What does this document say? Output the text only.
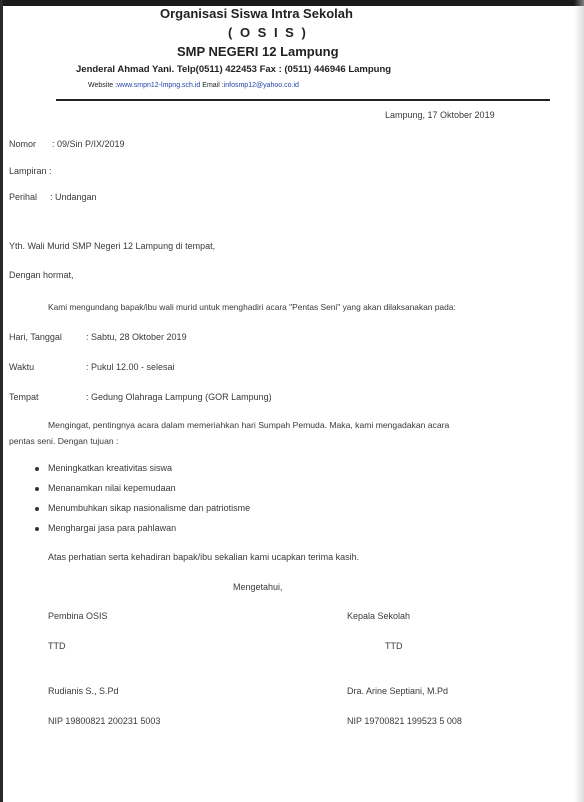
Organisasi Siswa Intra Sekolah
( O S I S )
SMP NEGERI 12 Lampung
Jenderal Ahmad Yani. Telp(0511) 422453 Fax : (0511) 446946 Lampung
Website :www.smpn12-lmpng.sch.id Email :infosmp12@yahoo.co.id
Lampung, 17 Oktober 2019
Nomor : 09/Sin P/IX/2019
Lampiran :
Perihal : Undangan
Yth. Wali Murid SMP Negeri 12 Lampung di tempat,
Dengan hormat,
Kami mengundang bapak/ibu wali murid untuk menghadiri acara "Pentas Seni" yang akan dilaksanakan pada:
Hari, Tanggal	: Sabtu, 28 Oktober 2019
Waktu	: Pukul 12.00 - selesai
Tempat	: Gedung Olahraga Lampung (GOR Lampung)
Mengingat, pentingnya acara dalam memeriahkan hari Sumpah Pemuda. Maka, kami mengadakan acara
pentas seni. Dengan tujuan :
Meningkatkan kreativitas siswa
Menanamkan nilai kepemudaan
Menumbuhkan sikap nasionalisme dan patriotisme
Menghargai jasa para pahlawan
Atas perhatian serta kehadiran bapak/ibu sekalian kami ucapkan terima kasih.
Mengetahui,
Pembina OSIS	Kepala Sekolah
TTD	TTD
Rudianis S., S.Pd	Dra. Arine Septiani, M.Pd
NIP 19800821 200231 5003	NIP 19700821 199523 5 008
